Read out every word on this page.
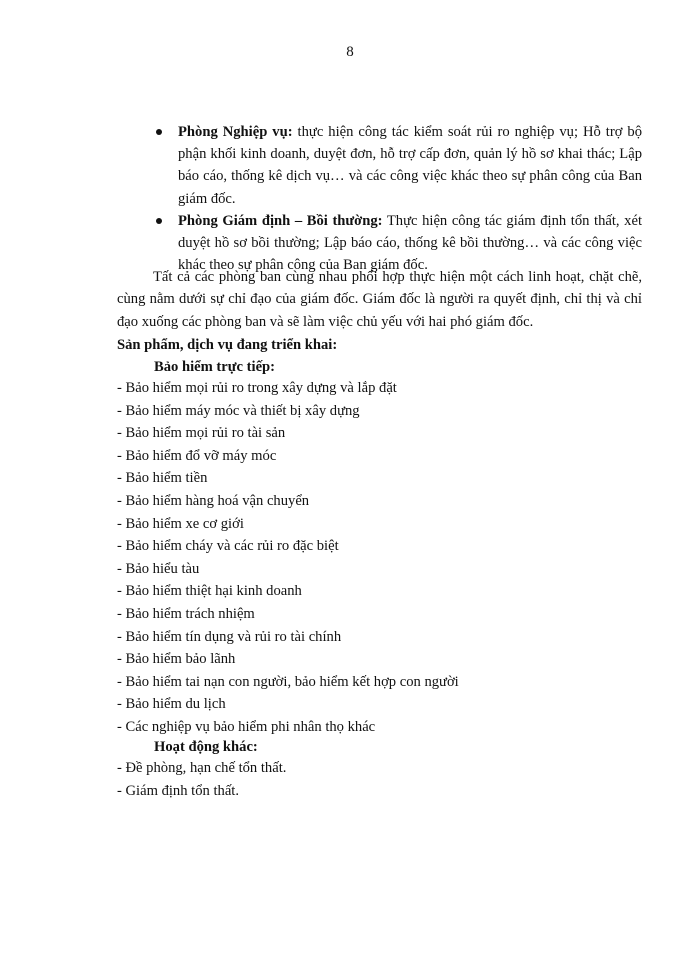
8
Phòng Nghiệp vụ: thực hiện công tác kiểm soát rủi ro nghiệp vụ; Hỗ trợ bộ phận khối kinh doanh, duyệt đơn, hỗ trợ cấp đơn, quản lý hồ sơ khai thác; Lập báo cáo, thống kê dịch vụ… và các công việc khác theo sự phân công của Ban giám đốc.
Phòng Giám định – Bồi thường: Thực hiện công tác giám định tổn thất, xét duyệt hồ sơ bồi thường; Lập báo cáo, thống kê bồi thường… và các công việc khác theo sự phân công của Ban giám đốc.

Tất cả các phòng ban cùng nhau phối hợp thực hiện một cách linh hoạt, chặt chẽ, cùng nằm dưới sự chỉ đạo của giám đốc. Giám đốc là người ra quyết định, chỉ thị và chỉ đạo xuống các phòng ban và sẽ làm việc chủ yếu với hai phó giám đốc.

Sản phẩm, dịch vụ đang triển khai:

Bảo hiểm trực tiếp:

- Bảo hiểm mọi rủi ro trong xây dựng và lắp đặt
- Bảo hiểm máy móc và thiết bị xây dựng
- Bảo hiểm mọi rủi ro tài sản
- Bảo hiểm đổ vỡ máy móc
- Bảo hiểm tiền
- Bảo hiểm hàng hoá vận chuyển
- Bảo hiểm xe cơ giới
- Bảo hiểm cháy và các rủi ro đặc biệt
- Bảo hiểu tàu
- Bảo hiểm thiệt hại kinh doanh
- Bảo hiểm trách nhiệm
- Bảo hiểm tín dụng và rủi ro tài chính
- Bảo hiểm bảo lãnh
- Bảo hiểm tai nạn con người, bảo hiểm kết hợp con người
- Bảo hiểm du lịch
- Các nghiệp vụ bảo hiểm phi nhân thọ khác

Hoạt động khác:

- Đề phòng, hạn chế tổn thất.
- Giám định tổn thất.
